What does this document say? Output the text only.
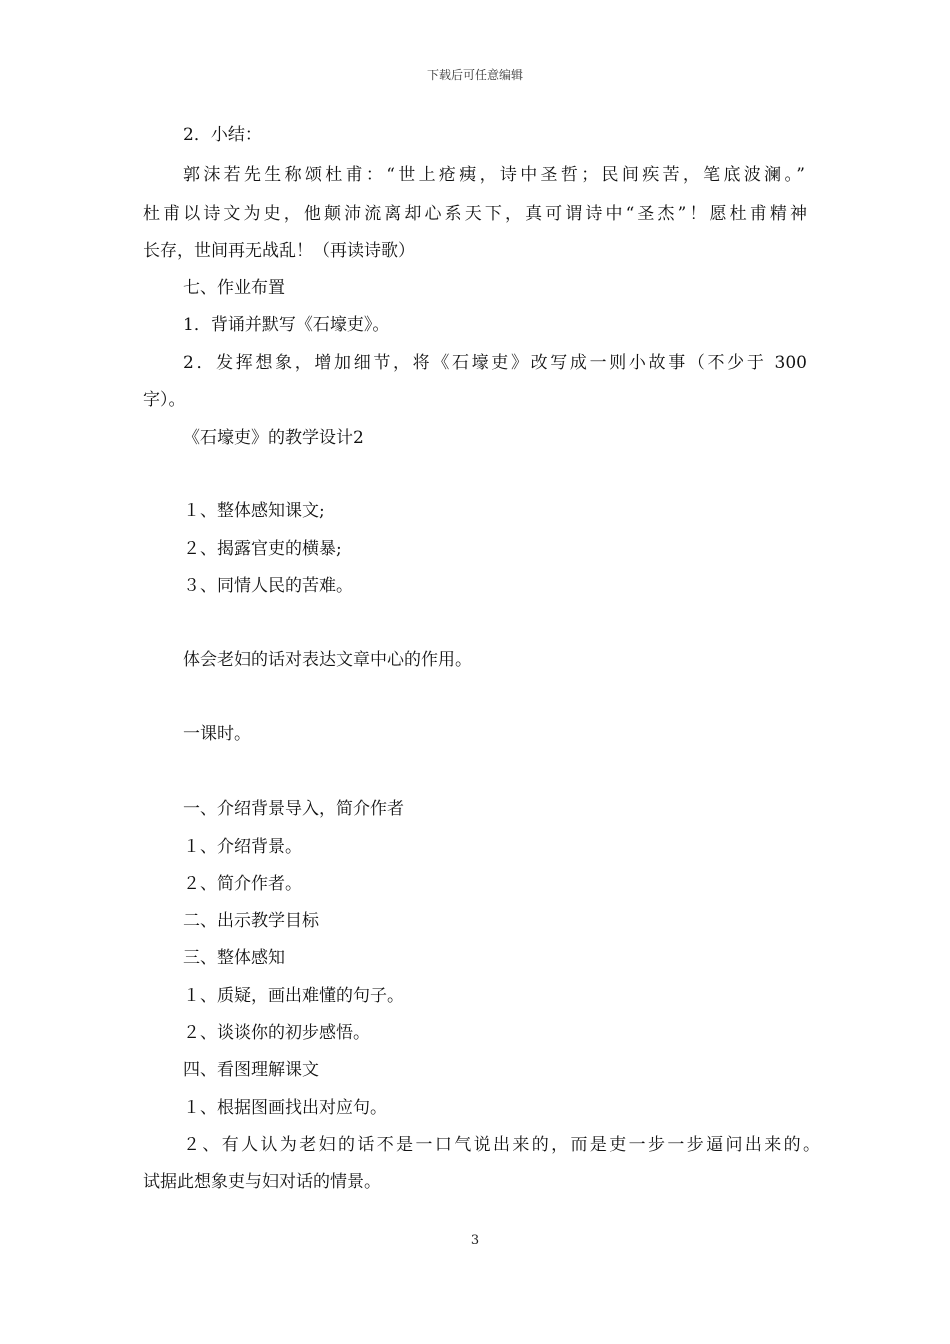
下载后可任意编辑
2．小结：
郭沫若先生称颂杜甫：“世上疮痍，诗中圣哲；民间疾苦，笔底波澜。”
杜甫以诗文为史，他颠沛流离却心系天下，真可谓诗中“圣杰”！愿杜甫精神
长存，世间再无战乱！（再读诗歌）
七、作业布置
1．背诵并默写《石壕吏》。
2．发挥想象，增加细节，将《石壕吏》改写成一则小故事（不少于 300
字）。
《石壕吏》的教学设计2
１、整体感知课文;
２、揭露官吏的横暴;
３、同情人民的苦难。
体会老妇的话对表达文章中心的作用。
一课时。
一、介绍背景导入，简介作者
１、介绍背景。
２、简介作者。
二、出示教学目标
三、整体感知
１、质疑，画出难懂的句子。
２、谈谈你的初步感悟。
四、看图理解课文
１、根据图画找出对应句。
２、有人认为老妇的话不是一口气说出来的，而是吏一步一步逼问出来的。
试据此想象吏与妇对话的情景。
3
